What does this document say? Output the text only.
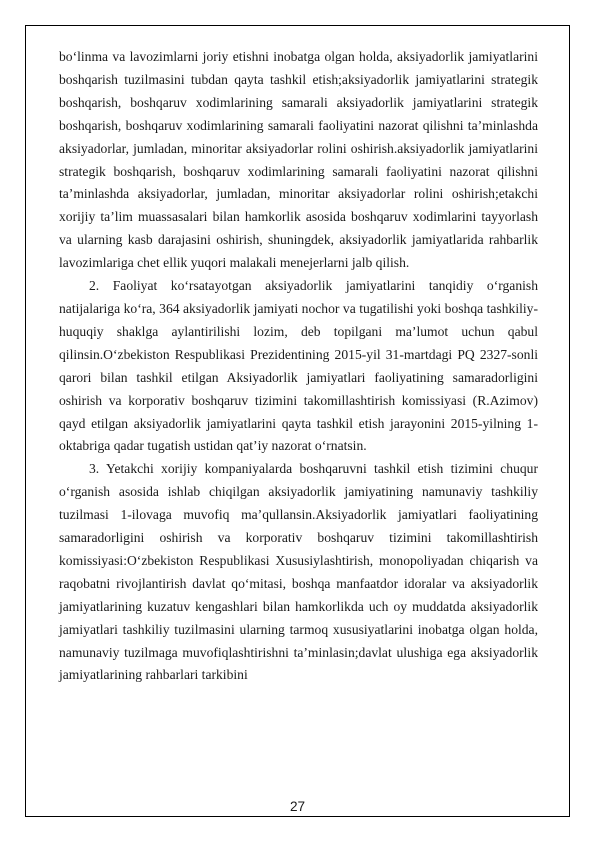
bo‘linma va lavozimlarni joriy etishni inobatga olgan holda, aksiyadorlik jamiyatlarini boshqarish tuzilmasini tubdan qayta tashkil etish;aksiyadorlik jamiyatlarini strategik boshqarish, boshqaruv xodimlarining samarali aksiyadorlik jamiyatlarini strategik boshqarish, boshqaruv xodimlarining samarali faoliyatini nazorat qilishni ta’minlashda aksiyadorlar, jumladan, minoritar aksiyadorlar rolini oshirish.aksiyadorlik jamiyatlarini strategik boshqarish, boshqaruv xodimlarining samarali faoliyatini nazorat qilishni ta’minlashda aksiyadorlar, jumladan, minoritar aksiyadorlar rolini oshirish;etakchi xorijiy ta’lim muassasalari bilan hamkorlik asosida boshqaruv xodimlarini tayyorlash va ularning kasb darajasini oshirish, shuningdek, aksiyadorlik jamiyatlarida rahbarlik lavozimlariga chet ellik yuqori malakali menejerlarni jalb qilish.

2. Faoliyat ko‘rsatayotgan aksiyadorlik jamiyatlarini tanqidiy o‘rganish natijalariga ko‘ra, 364 aksiyadorlik jamiyati nochor va tugatilishi yoki boshqa tashkiliy-huquqiy shaklga aylantirilishi lozim, deb topilgani ma’lumot uchun qabul qilinsin.O‘zbekiston Respublikasi Prezidentining 2015-yil 31-martdagi PQ 2327-sonli qarori bilan tashkil etilgan Aksiyadorlik jamiyatlari faoliyatining samaradorligini oshirish va korporativ boshqaruv tizimini takomillashtirish komissiyasi (R.Azimov) qayd etilgan aksiyadorlik jamiyatlarini qayta tashkil etish jarayonini 2015-yilning 1-oktabriga qadar tugatish ustidan qat’iy nazorat o‘rnatsin.

3. Yetakchi xorijiy kompaniyalarda boshqaruvni tashkil etish tizimini chuqur o‘rganish asosida ishlab chiqilgan aksiyadorlik jamiyatining namunaviy tashkiliy tuzilmasi 1-ilovaga muvofiq ma’qullansin.Aksiyadorlik jamiyatlari faoliyatining samaradorligini oshirish va korporativ boshqaruv tizimini takomillashtirish komissiyasi:O‘zbekiston Respublikasi Xususiylashtirish, monopoliyadan chiqarish va raqobatni rivojlantirish davlat qo‘mitasi, boshqa manfaatdor idoralar va aksiyadorlik jamiyatlarining kuzatuv kengashlari bilan hamkorlikda uch oy muddatda aksiyadorlik jamiyatlari tashkiliy tuzilmasini ularning tarmoq xususiyatlarini inobatga olgan holda, namunaviy tuzilmaga muvofiqlashtirishni ta’minlasin;davlat ulushiga ega aksiyadorlik jamiyatlarining rahbarlari tarkibini

27
